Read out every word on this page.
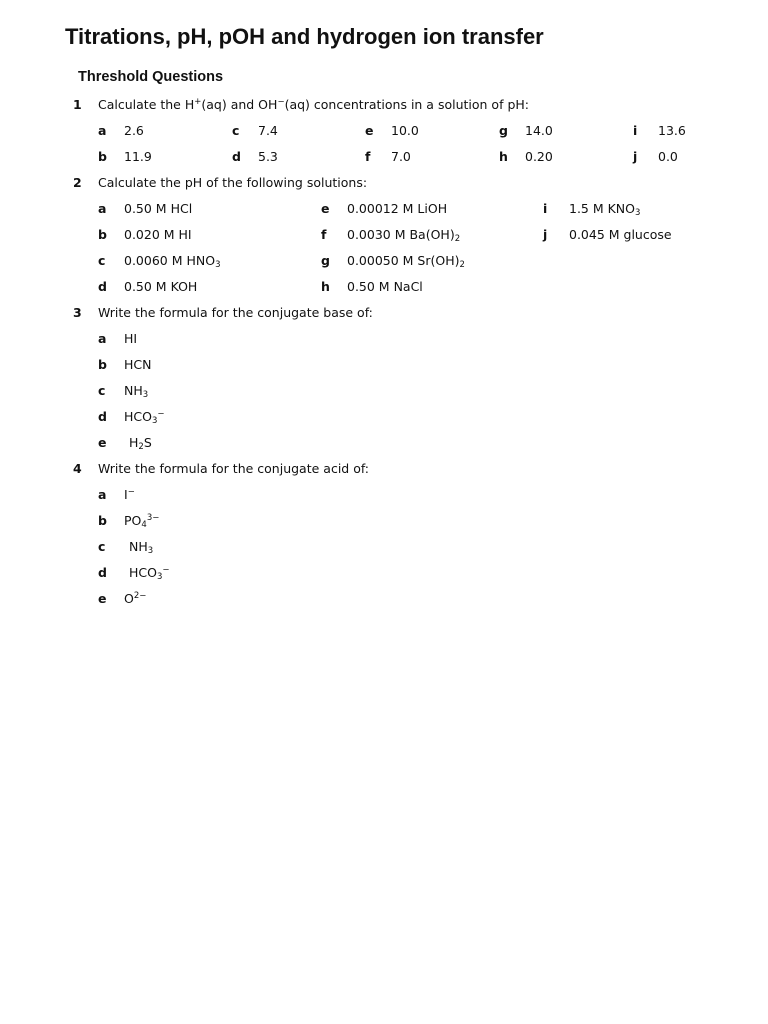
Titrations, pH, pOH and hydrogen ion transfer
Threshold Questions
1 Calculate the H+(aq) and OH−(aq) concentrations in a solution of pH:
a 2.6
b 11.9
c 7.4
d 5.3
e 10.0
f 7.0
g 14.0
h 0.20
i 13.6
j 0.0
2 Calculate the pH of the following solutions:
a 0.50 M HCl
b 0.020 M HI
c 0.0060 M $HNO_3$
d 0.50 M KOH
e 0.00012 M LiOH
f 0.0030 M $Ba(OH)_2$
g 0.00050 M $Sr(OH)_2$
h 0.50 M NaCl
i 1.5 M $KNO_3$
j 0.045 M glucose
3 Write the formula for the conjugate base of:
a HI
b HCN
c $NH_3$
d $HCO_3^-$
e $H_2S$
4 Write the formula for the conjugate acid of:
a I−
b $PO_4^{3-}$
c $NH_3$
d $HCO_3^-$
e $O^{2-}$
